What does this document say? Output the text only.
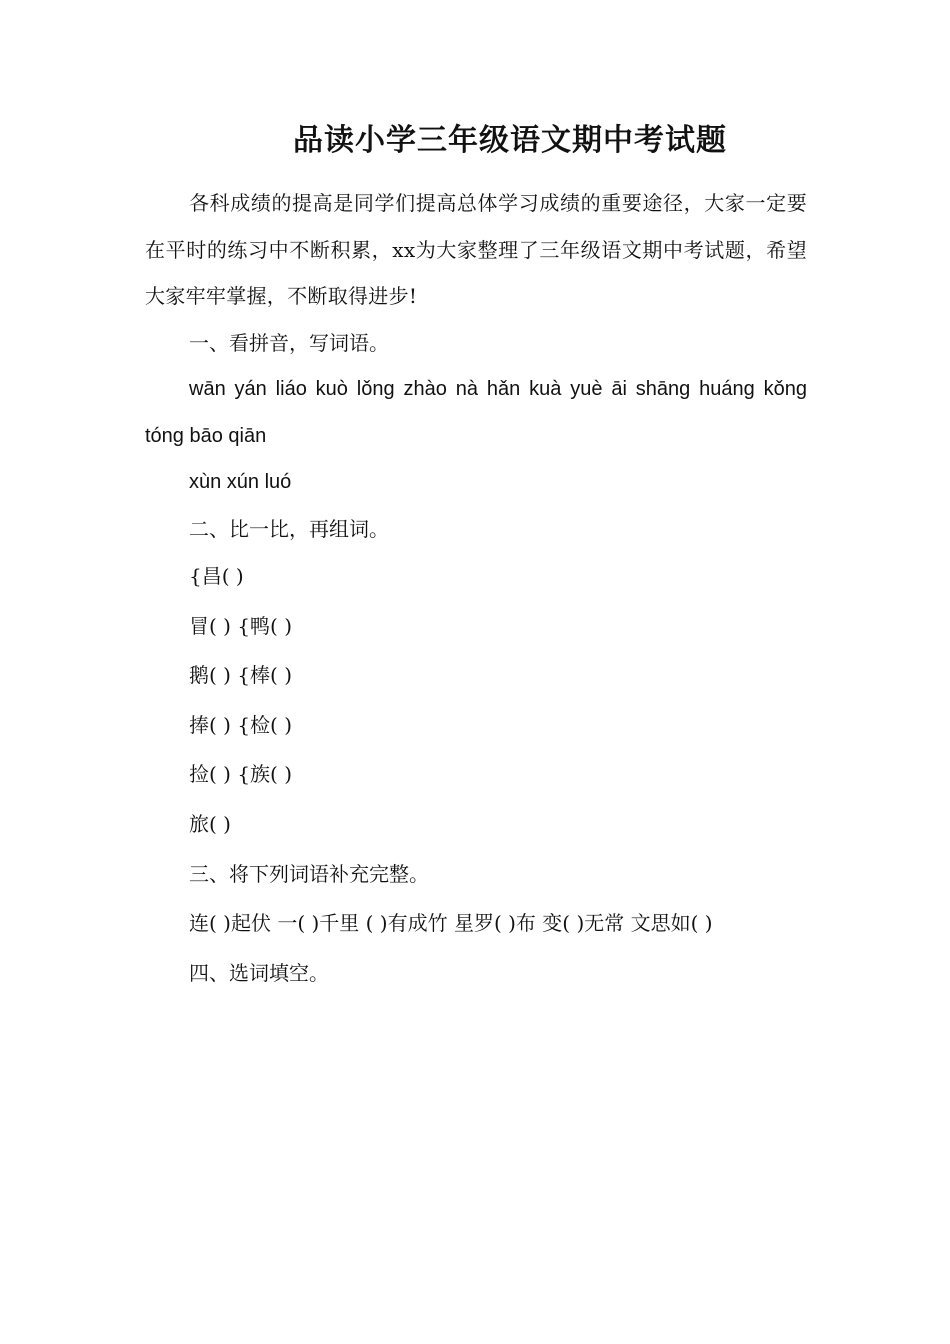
品读小学三年级语文期中考试题

各科成绩的提高是同学们提高总体学习成绩的重要途径，大家一定要在平时的练习中不断积累，xx为大家整理了三年级语文期中考试题，希望大家牢牢掌握，不断取得进步!

一、看拼音，写词语。

wān yán liáo kuò lǒng zhào nà hǎn kuà yuè āi shāng huáng kǒng tóng bāo qiān

xùn xún luó

二、比一比，再组词。

{昌( )

冒( ) {鸭( )

鹅( ) {棒( )

捧( ) {检( )

捡( ) {族( )

旅( )

三、将下列词语补充完整。

连( )起伏 一( )千里 ( )有成竹 星罗( )布 变( )无常 文思如( )

四、选词填空。
